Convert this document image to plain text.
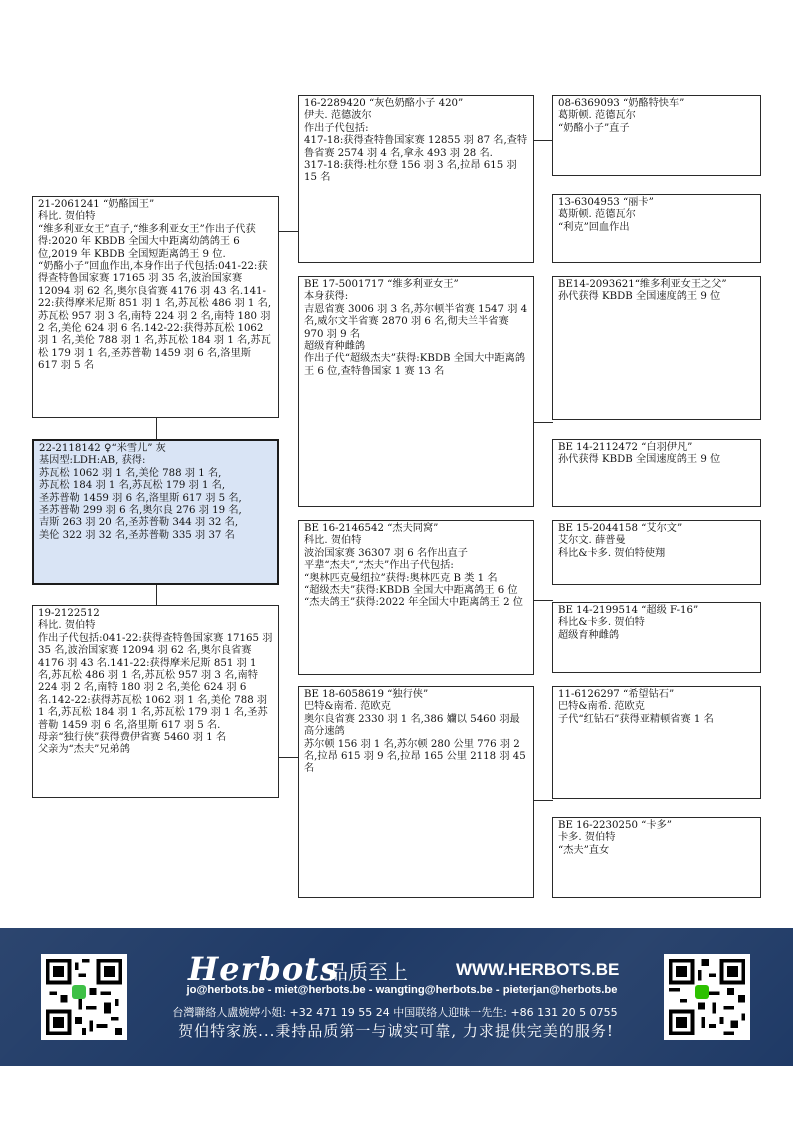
21-2061241 “奶酪国王”

科比. 贺伯特
“维多利亚女王”直子,“维多利亚女王”作出子代获得:2020 年 KBDB 全国大中距离幼鸽鸽王 6 位,2019 年 KBDB 全国短距离鸽王 9 位.
“奶酪小子”回血作出,本身作出子代包括:041-22:获得查特鲁国家赛 17165 羽 35 名,波治国家赛 12094 羽 62 名,奥尔良省赛 4176 羽 43 名.141-22:获得摩米尼斯 851 羽 1 名,苏瓦松 486 羽 1 名,苏瓦松 957 羽 3 名,南特 224 羽 2 名,南特 180 羽 2 名,美伦 624 羽 6 名.142-22:获得苏瓦松 1062 羽 1 名,美伦 788 羽 1 名,苏瓦松 184 羽 1 名,苏瓦松 179 羽 1 名,圣苏普勒 1459 羽 6 名,洛里斯 617 羽 5 名

22-2118142 ♀“米雪儿” 灰

基因型:LDH:AB, 获得:
苏瓦松 1062 羽 1 名,美伦 788 羽 1 名,
苏瓦松 184 羽 1 名,苏瓦松 179 羽 1 名,
圣苏普勒 1459 羽 6 名,洛里斯 617 羽 5 名,
圣苏普勒 299 羽 6 名,奥尔良 276 羽 19 名,
吉斯 263 羽 20 名,圣苏普勒 344 羽 32 名,
美伦 322 羽 32 名,圣苏普勒 335 羽 37 名

19-2122512

科比. 贺伯特
作出子代包括:041-22:获得查特鲁国家赛 17165 羽 35 名,波治国家赛 12094 羽 62 名,奥尔良省赛 4176 羽 43 名.141-22:获得摩米尼斯 851 羽 1 名,苏瓦松 486 羽 1 名,苏瓦松 957 羽 3 名,南特 224 羽 2 名,南特 180 羽 2 名,美伦 624 羽 6 名.142-22:获得苏瓦松 1062 羽 1 名,美伦 788 羽 1 名,苏瓦松 184 羽 1 名,苏瓦松 179 羽 1 名,圣苏普勒 1459 羽 6 名,洛里斯 617 羽 5 名.
母亲“独行侠”获得费伊省赛 5460 羽 1 名
父亲为“杰夫”兄弟鸽

16-2289420 “灰色奶酪小子 420”

伊夫. 范德波尔
作出子代包括:
417-18:获得查特鲁国家赛 12855 羽 87 名,查特鲁省赛 2574 羽 4 名,拿永 493 羽 28 名.
317-18:获得:杜尔登 156 羽 3 名,拉昂 615 羽 15 名

BE 17-5001717 “维多利亚女王”

本身获得:
吉恩省赛 3006 羽 3 名,苏尔顿半省赛 1547 羽 4 名,威尔文半省赛 2870 羽 6 名,彻夫兰半省赛 970 羽 9 名
超级育种雌鸽
作出子代“超级杰夫”获得:KBDB 全国大中距离鸽王 6 位,查特鲁国家 1 赛 13 名

BE 16-2146542 “杰夫同窝”

科比. 贺伯特
波治国家赛 36307 羽 6 名作出直子
平辈“杰夫”,“杰夫”作出子代包括:
“奥林匹克曼纽拉”获得:奥林匹克 B 类 1 名
“超级杰夫”获得:KBDB 全国大中距离鸽王 6 位
“杰夫鸽王”获得:2022 年全国大中距离鸽王 2 位

BE 18-6058619 “独行侠”

巴特&南希. 范欧克
奥尔良省赛 2330 羽 1 名,386 孏以 5460 羽最高分速鸽
苏尔顿 156 羽 1 名,苏尔顿 280 公里 776 羽 2 名,拉昂 615 羽 9 名,拉昂 165 公里 2118 羽 45 名

08-6369093 “奶酪特快车”

葛斯顿. 范德瓦尔
“奶酪小子”直子

13-6304953 “丽卡”

葛斯顿. 范德瓦尔
“利克”回血作出

BE14-2093621“维多利亚女王之父”

孙代获得 KBDB 全国速度鸽王 9 位

BE 14-2112472 “白羽伊凡”

孙代获得 KBDB 全国速度鸽王 9 位

BE 15-2044158 “艾尔文”

艾尔文. 薛普曼
科比&卡多. 贺伯特使翔

BE 14-2199514 “超级 F-16”

科比&卡多. 贺伯特
超级育种雌鸽

11-6126297 “希望钻石”

巴特&南希. 范欧克
子代“红钻石”获得亚精顿省赛 1 名

BE 16-2230250 “卡多”

卡多. 贺伯特
“杰夫”直女

Herbots
品质至上	WWW.HERBOTS.BE
jo@herbots.be - miet@herbots.be - wangting@herbots.be - pieterjan@herbots.be
台灣聯絡人盧婉婷小姐: +32 471 19 55 24 中国联络人迎昧一先生: +86 131 20 5 0755
贺伯特家族...秉持品质第一与诚实可靠, 力求提供完美的服务!
